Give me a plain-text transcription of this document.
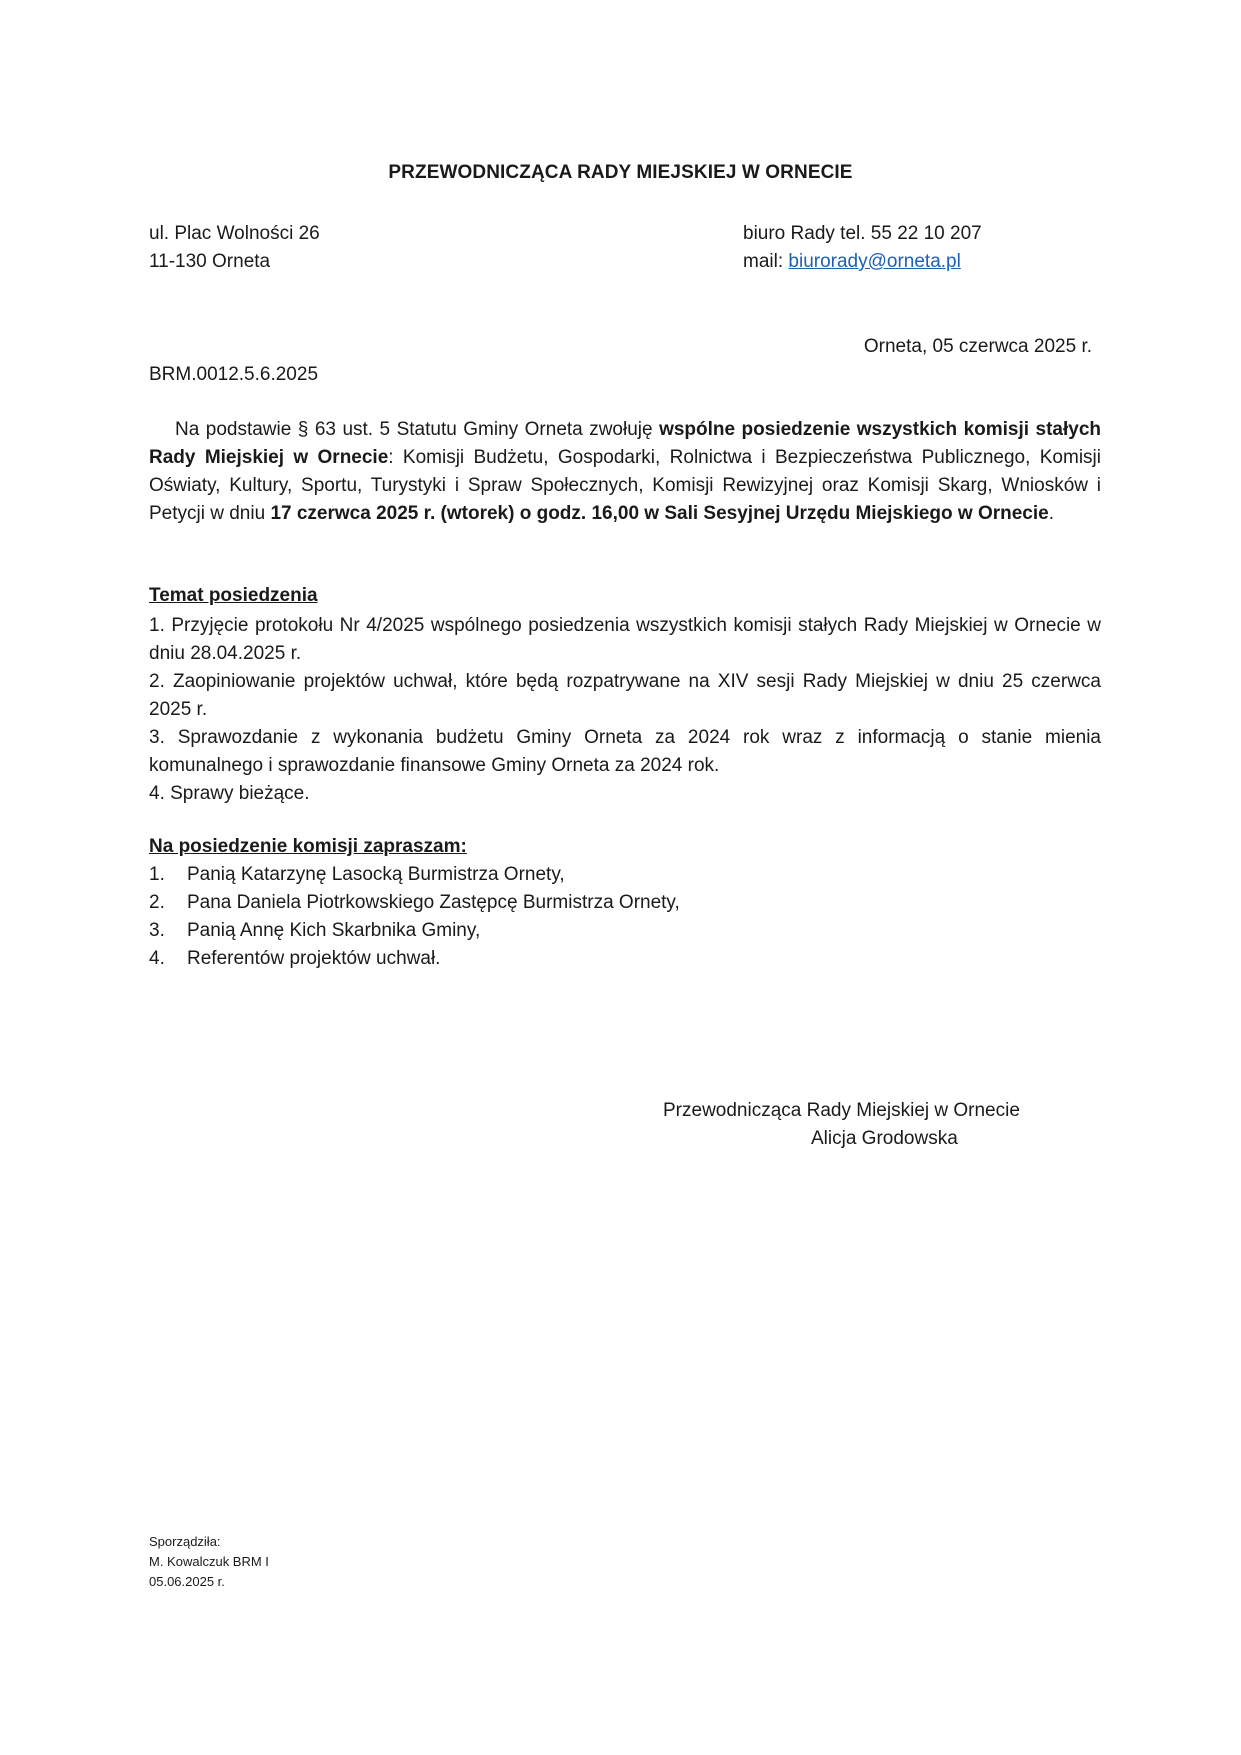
PRZEWODNICZĄCA RADY MIEJSKIEJ W ORNECIE
ul. Plac Wolności 26
11-130 Orneta
biuro Rady tel. 55 22 10 207
mail: biurorady@orneta.pl
Orneta, 05 czerwca 2025 r.
BRM.0012.5.6.2025

Na podstawie § 63 ust. 5 Statutu Gminy Orneta zwołuję wspólne posiedzenie wszystkich komisji stałych Rady Miejskiej w Ornecie: Komisji Budżetu, Gospodarki, Rolnictwa i Bezpieczeństwa Publicznego, Komisji Oświaty, Kultury, Sportu, Turystyki i Spraw Społecznych, Komisji Rewizyjnej oraz Komisji Skarg, Wniosków i Petycji w dniu 17 czerwca 2025 r. (wtorek) o godz. 16,00 w Sali Sesyjnej Urzędu Miejskiego w Ornecie.

Temat posiedzenia

1. Przyjęcie protokołu Nr 4/2025 wspólnego posiedzenia wszystkich komisji stałych Rady Miejskiej w Ornecie w dniu 28.04.2025 r.

2. Zaopiniowanie projektów uchwał, które będą rozpatrywane na XIV sesji Rady Miejskiej w dniu 25 czerwca 2025 r.

3. Sprawozdanie z wykonania budżetu Gminy Orneta za 2024 rok wraz z informacją o stanie mienia komunalnego i sprawozdanie finansowe Gminy Orneta za 2024 rok.

4. Sprawy bieżące.

Na posiedzenie komisji zapraszam:
1.	Panią Katarzynę Lasocką Burmistrza Ornety,
2.	Pana Daniela Piotrkowskiego Zastępcę Burmistrza Ornety,
3.	Panią Annę Kich Skarbnika Gminy,
4.	Referentów projektów uchwał.
Przewodnicząca Rady Miejskiej w Ornecie
Alicja Grodowska
Sporządziła:
M. Kowalczuk BRM I
05.06.2025 r.
